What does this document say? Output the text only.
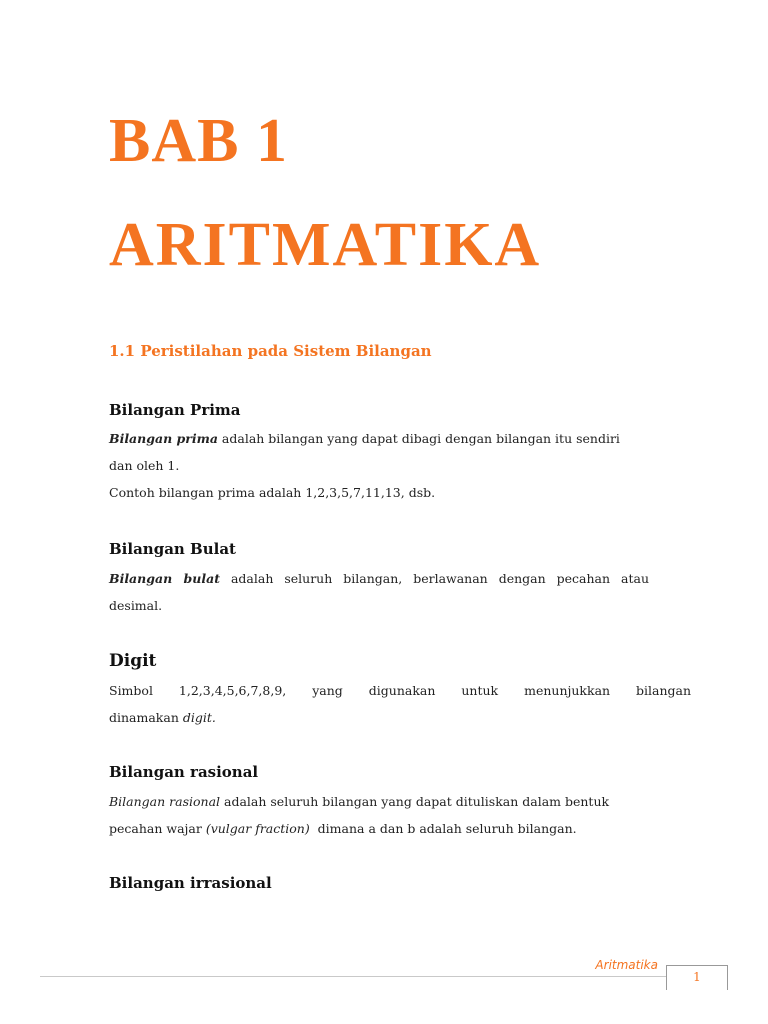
BAB 1
ARITMATIKA
1.1 Peristilahan pada Sistem Bilangan
Bilangan Prima

Bilangan prima adalah bilangan yang dapat dibagi dengan bilangan itu sendiri
dan oleh 1.
Contoh bilangan prima adalah 1,2,3,5,7,11,13, dsb.

Bilangan Bulat

Bilangan bulat adalah seluruh bilangan, berlawanan dengan pecahan atau
desimal.

Digit

Simbol 1,2,3,4,5,6,7,8,9, yang digunakan untuk menunjukkan bilangan
dinamakan digit.

Bilangan rasional

Bilangan rasional adalah seluruh bilangan yang dapat dituliskan dalam bentuk
pecahan wajar (vulgar fraction)  dimana a dan b adalah seluruh bilangan.

Bilangan irrasional
Aritmatika
1
